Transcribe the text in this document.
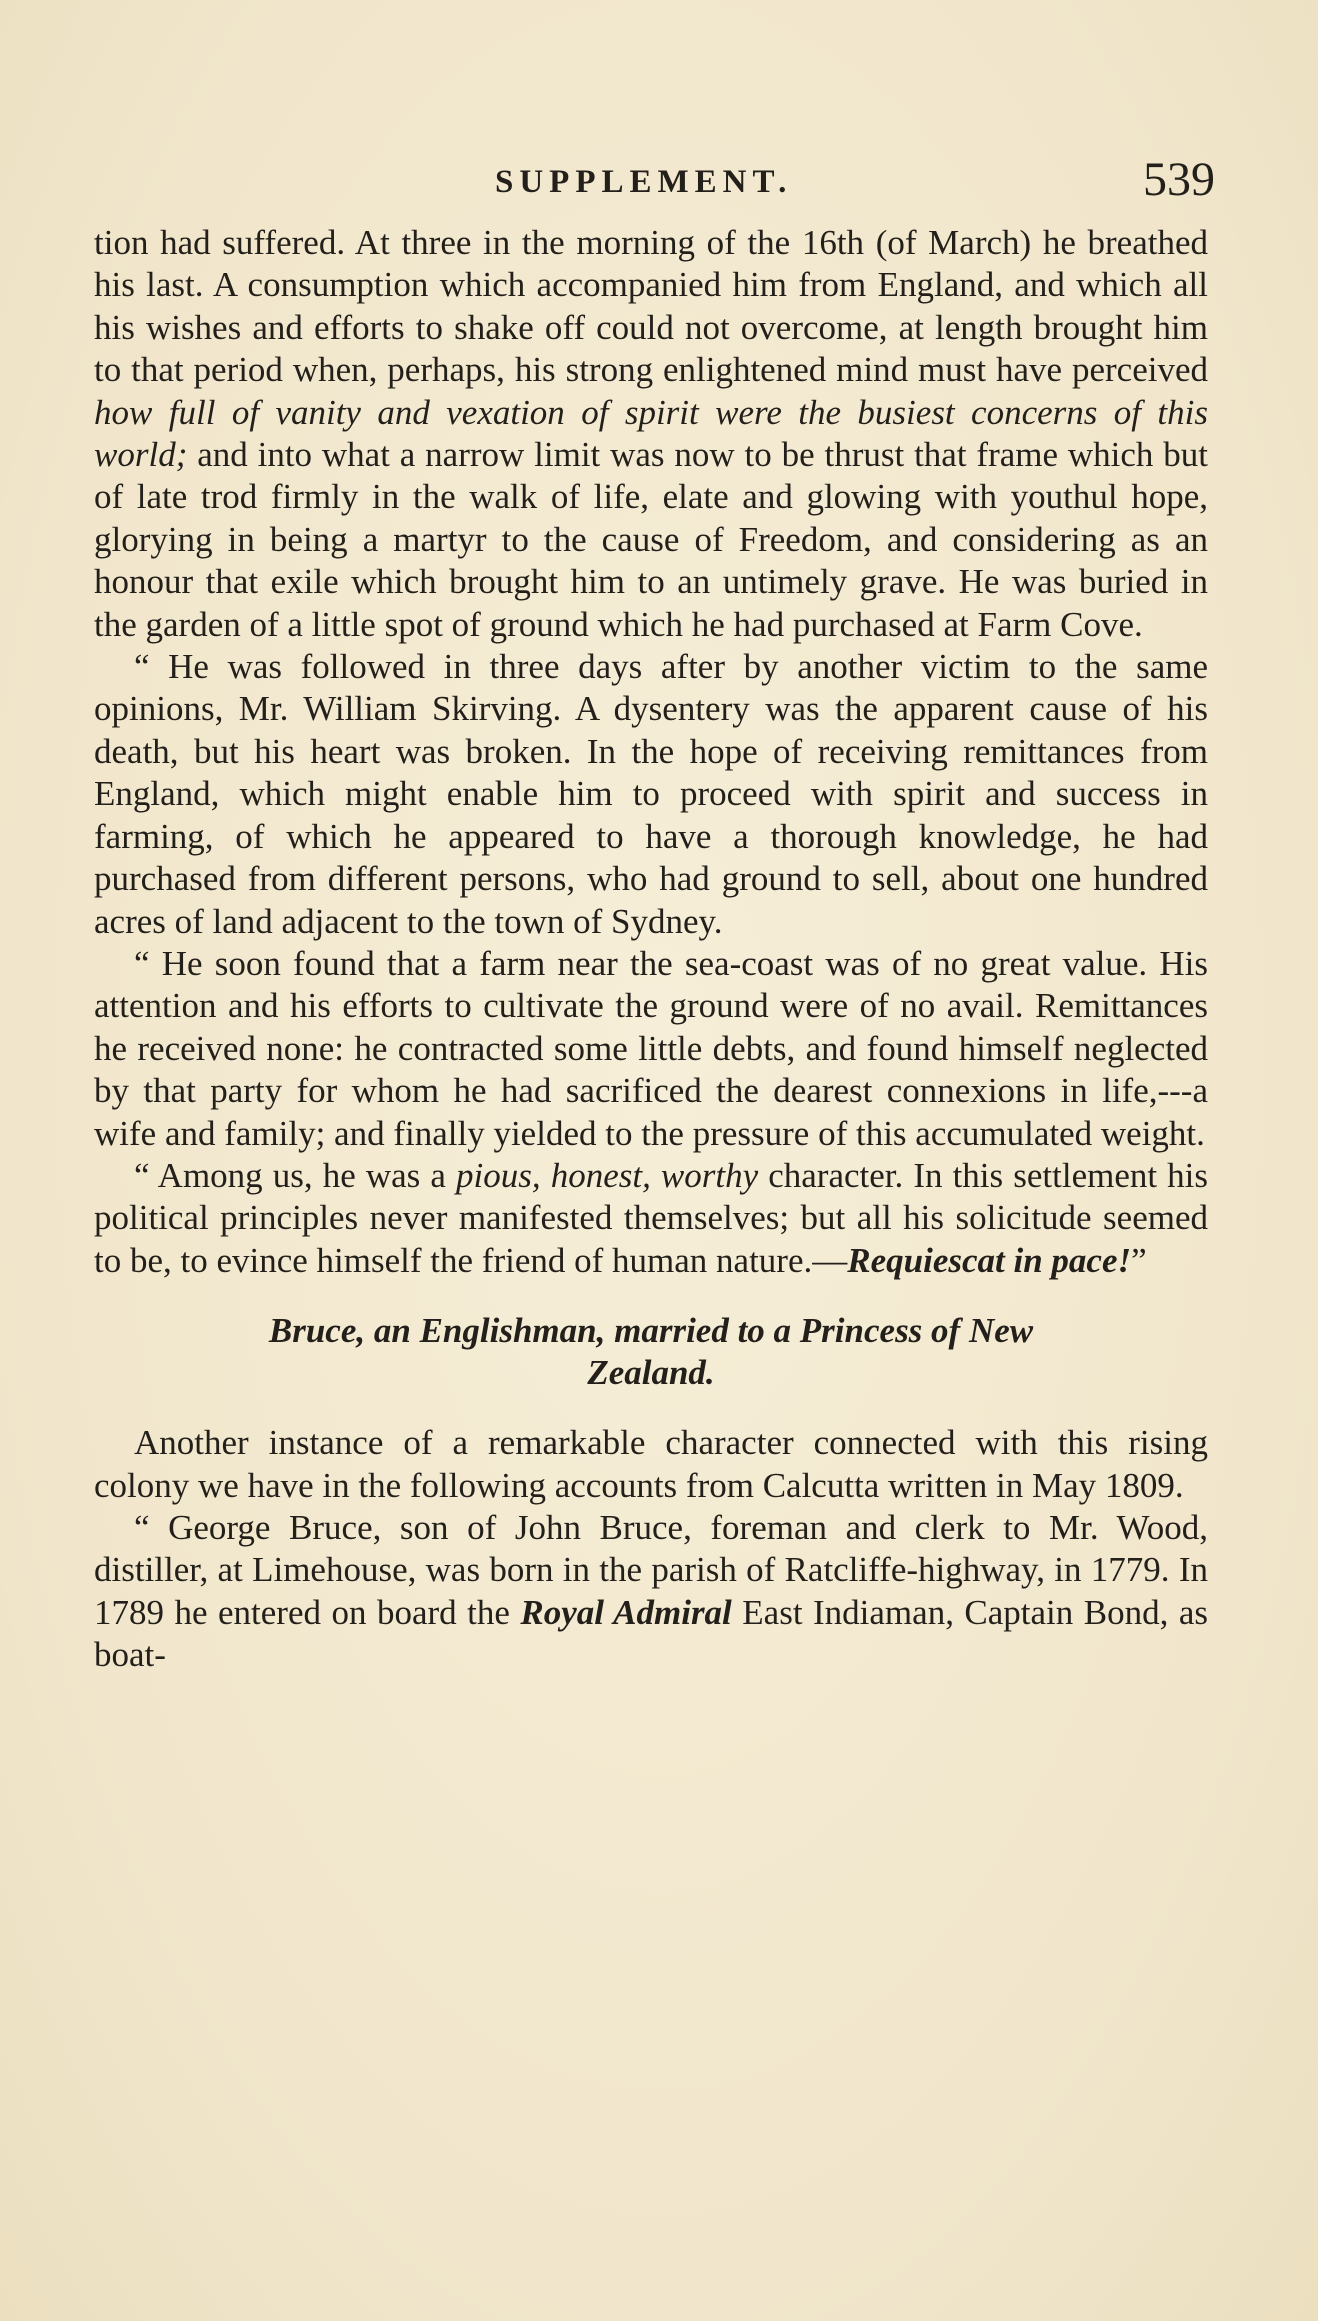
SUPPLEMENT.	539

tion had suffered. At three in the morning of the 16th (of March) he breathed his last. A consumption which accompanied him from England, and which all his wishes and efforts to shake off could not overcome, at length brought him to that period when, perhaps, his strong enlightened mind must have perceived how full of vanity and vexation of spirit were the busiest concerns of this world; and into what a narrow limit was now to be thrust that frame which but of late trod firmly in the walk of life, elate and glowing with youthul hope, glorying in being a martyr to the cause of Freedom, and considering as an honour that exile which brought him to an untimely grave. He was buried in the garden of a little spot of ground which he had purchased at Farm Cove.

“ He was followed in three days after by another victim to the same opinions, Mr. William Skirving. A dysentery was the apparent cause of his death, but his heart was broken. In the hope of receiving remittances from England, which might enable him to proceed with spirit and success in farming, of which he appeared to have a thorough knowledge, he had purchased from different persons, who had ground to sell, about one hundred acres of land adjacent to the town of Sydney.

“ He soon found that a farm near the sea-coast was of no great value. His attention and his efforts to cultivate the ground were of no avail. Remittances he received none: he contracted some little debts, and found himself neglected by that party for whom he had sacrificed the dearest connexions in life,---a wife and family; and finally yielded to the pressure of this accumulated weight.

“ Among us, he was a pious, honest, worthy character. In this settlement his political principles never manifested themselves; but all his solicitude seemed to be, to evince himself the friend of human nature.—Requiescat in pace!”

Bruce, an Englishman, married to a Princess of New
Zealand.

Another instance of a remarkable character connected with this rising colony we have in the following accounts from Calcutta written in May 1809.

“ George Bruce, son of John Bruce, foreman and clerk to Mr. Wood, distiller, at Limehouse, was born in the parish of Ratcliffe-highway, in 1779. In 1789 he entered on board the Royal Admiral East Indiaman, Captain Bond, as boat-
